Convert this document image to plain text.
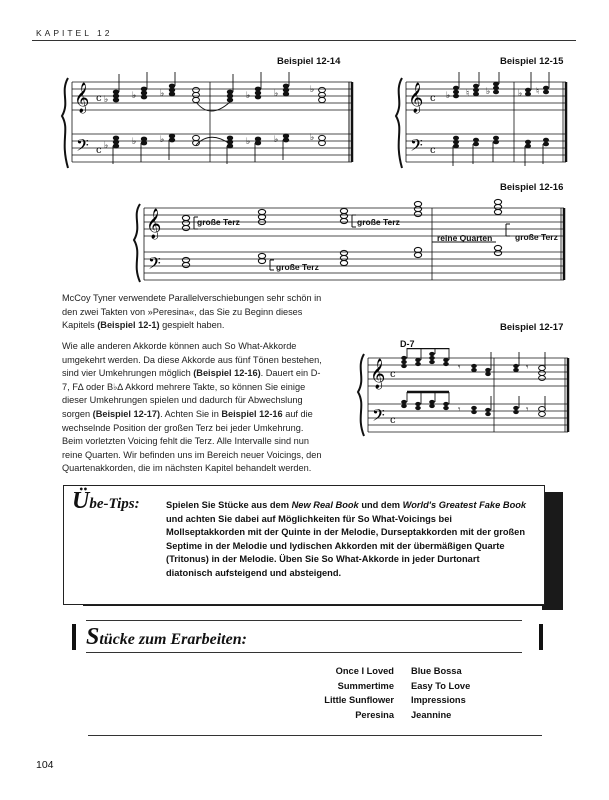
KAPITEL 12
Beispiel 12-14	Beispiel 12-15
Beispiel 12-16
Beispiel 12-17
𝄞
𝄢
c
c
♭	♭	♭	♭	♭	♭
♭	♭	♭	♭	♭	♭
𝄞
𝄢
c
c
♭ ♮ ♭	♭ ♮
𝄞
𝄢
große Terz	große Terz
reine Quarten	große Terz
große Terz
McCoy Tyner verwendete Parallelverschiebungen sehr schön in den zwei Takten von »Peresina«, das Sie zu Beginn dieses Kapitels (Beispiel 12-1) gespielt haben.
Wie alle anderen Akkorde können auch So What-Akkorde umgekehrt werden. Da diese Akkorde aus fünf Tönen bestehen, sind vier Umkehrungen möglich (Beispiel 12-16). Dauert ein D-7, F∆ oder B♭∆ Akkord mehrere Takte, so können Sie einige dieser Umkehrungen spielen und dadurch für Abwechslung sorgen (Beispiel 12-17). Achten Sie in Beispiel 12-16 auf die wechselnde Position der großen Terz bei jeder Umkehrung. Beim vorletzten Voicing fehlt die Terz. Alle Intervalle sind nun reine Quarten. Wir befinden uns im Bereich neuer Voicings, den Quartenakkorden, die im nächsten Kapitel behandelt werden.
D-7
𝄞
𝄢
c
c
𝄾	𝄾
𝄾	𝄾
Übe-Tips:	Spielen Sie Stücke aus dem New Real Book und dem World's Greatest Fake Book und achten Sie dabei auf Möglichkeiten für So What-Voicings bei Mollseptakkorden mit der Quinte in der Melodie, Durseptakkorden mit der großen Septime in der Melodie und lydischen Akkorden mit der übermäßigen Quarte (Tritonus) in der Melodie. Üben Sie So What-Akkorde in jeder Durtonart diatonisch aufsteigend und absteigend.
Stücke zum Erarbeiten:
Once I Loved
Summertime
Little Sunflower
Peresina
Blue Bossa
Easy To Love
Impressions
Jeannine
104
